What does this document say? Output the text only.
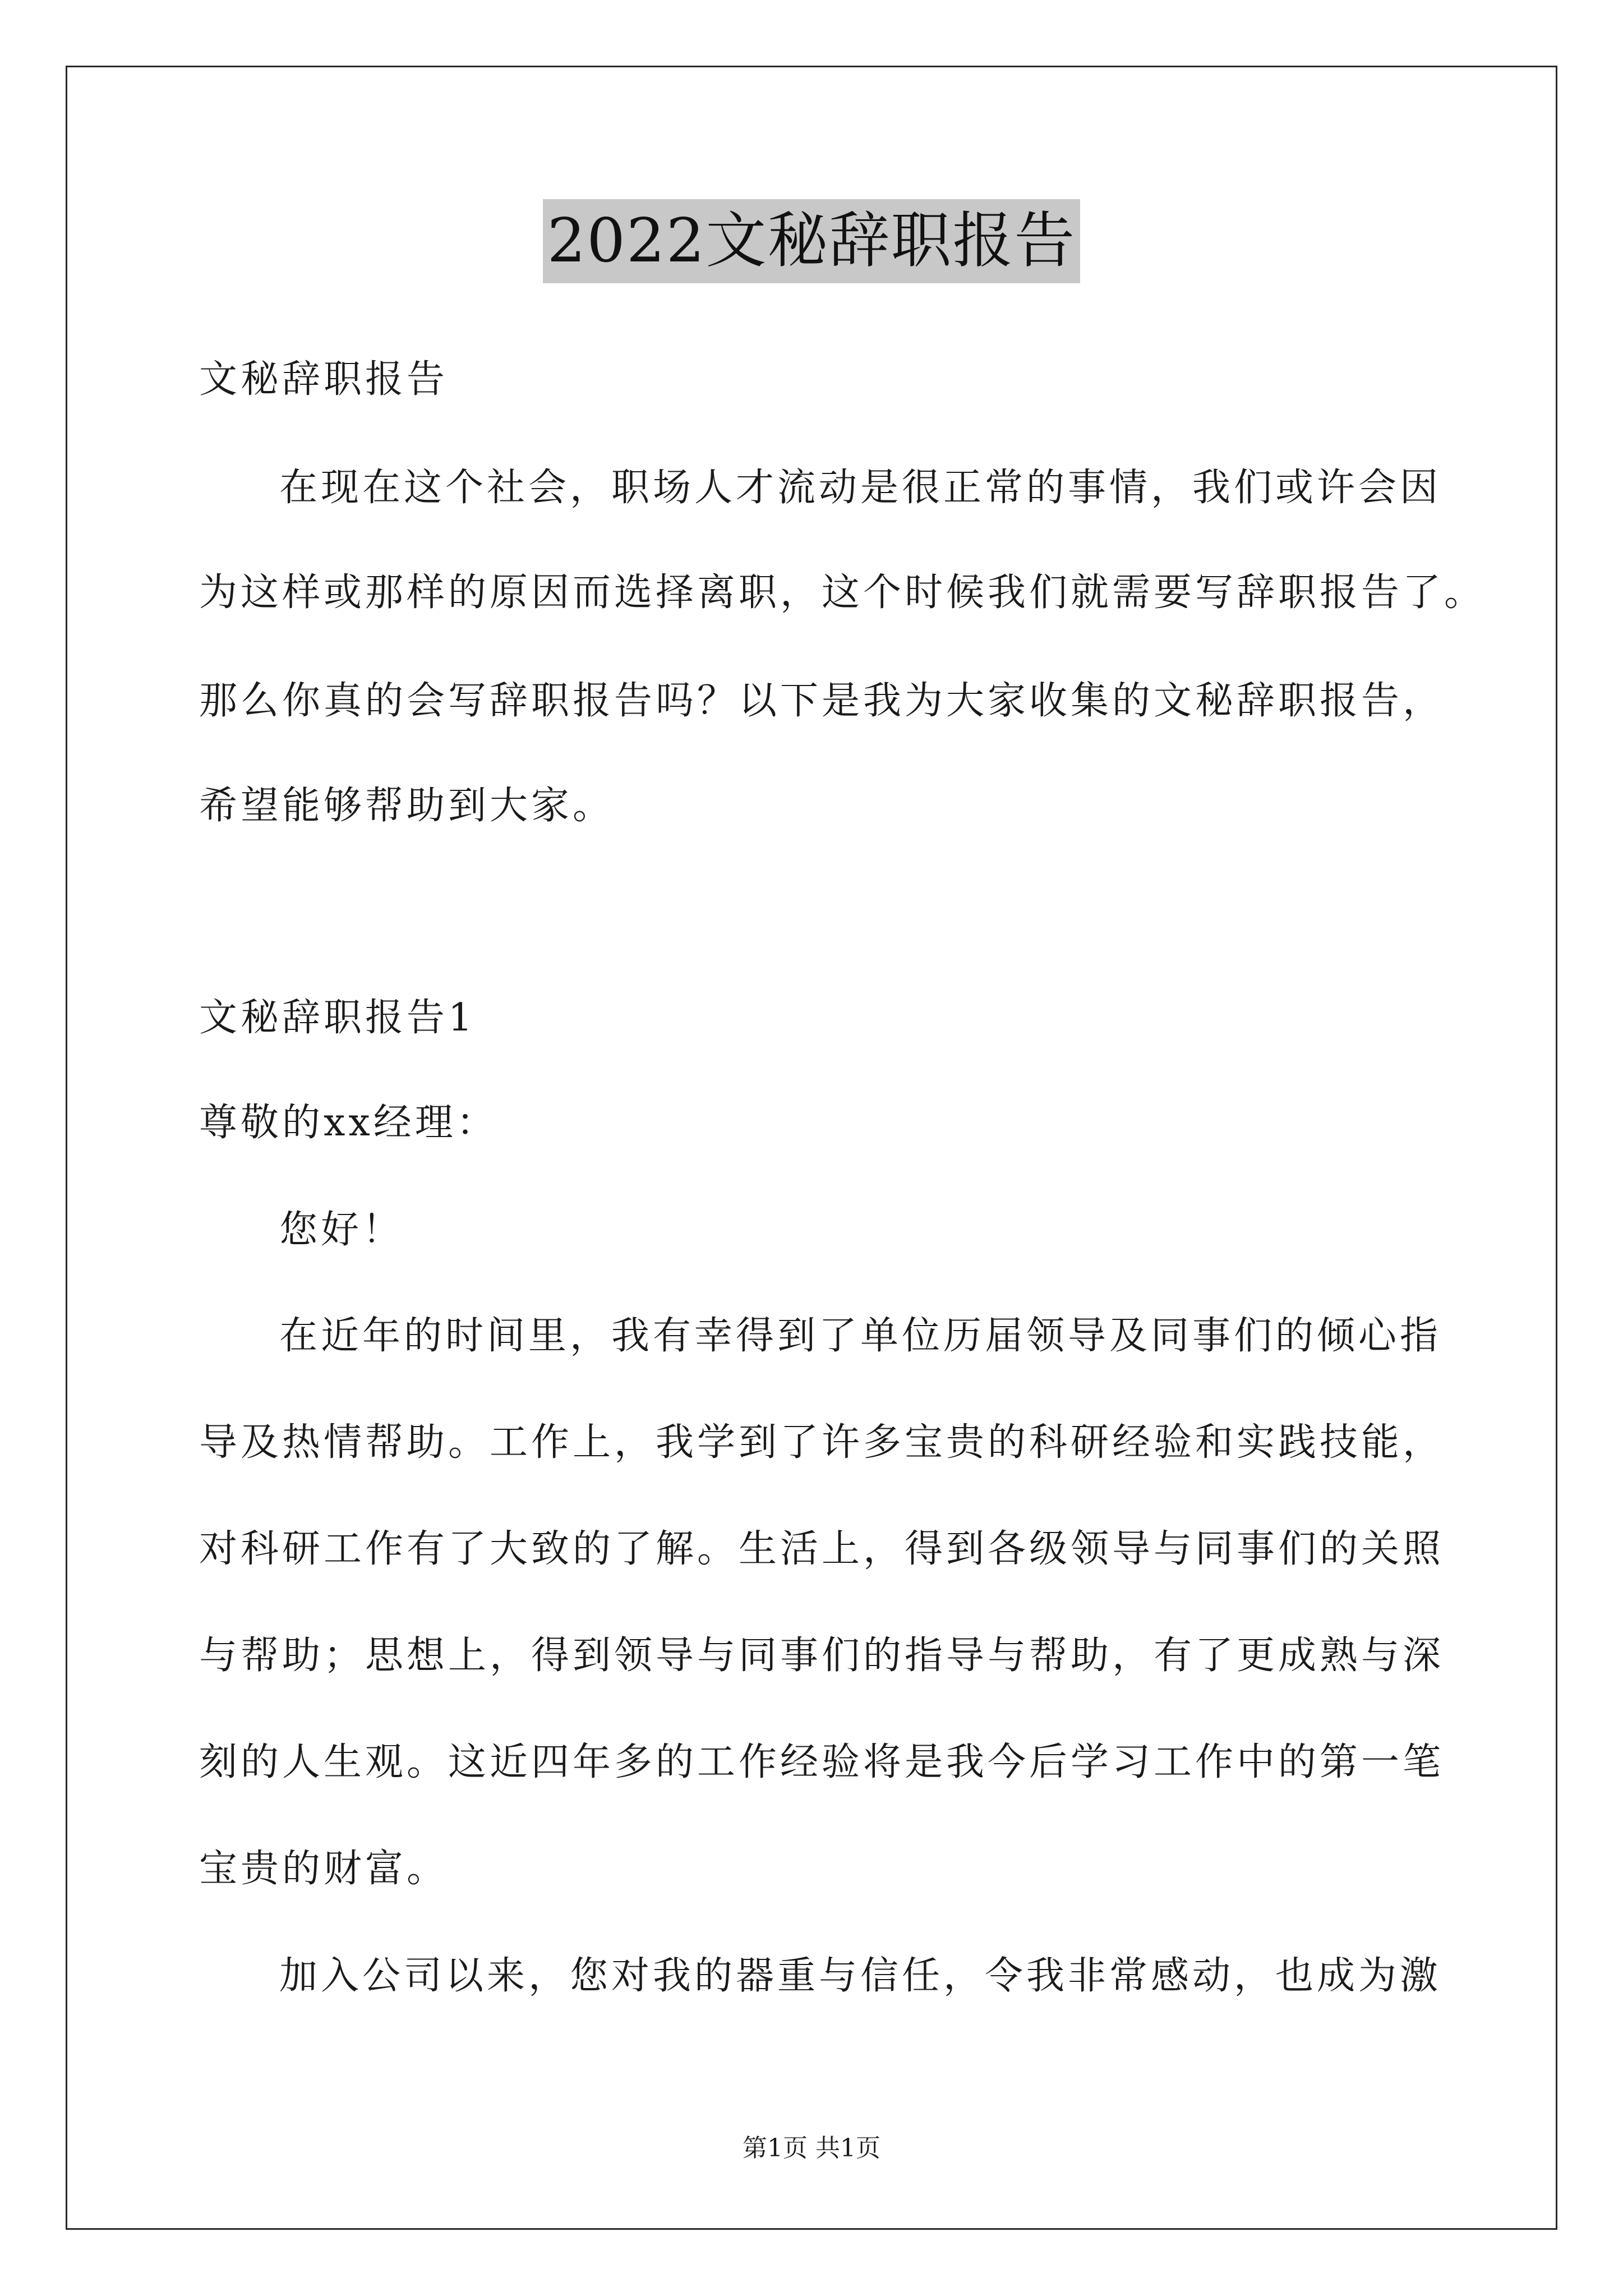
2022文秘辞职报告
文秘辞职报告
在现在这个社会，职场人才流动是很正常的事情，我们或许会因
为这样或那样的原因而选择离职，这个时候我们就需要写辞职报告了。
那么你真的会写辞职报告吗？以下是我为大家收集的文秘辞职报告，
希望能够帮助到大家。
文秘辞职报告1
尊敬的xx经理：
您好！
在近年的时间里，我有幸得到了单位历届领导及同事们的倾心指
导及热情帮助。工作上，我学到了许多宝贵的科研经验和实践技能，
对科研工作有了大致的了解。生活上，得到各级领导与同事们的关照
与帮助；思想上，得到领导与同事们的指导与帮助，有了更成熟与深
刻的人生观。这近四年多的工作经验将是我今后学习工作中的第一笔
宝贵的财富。
加入公司以来，您对我的器重与信任，令我非常感动，也成为激
第1页 共1页
